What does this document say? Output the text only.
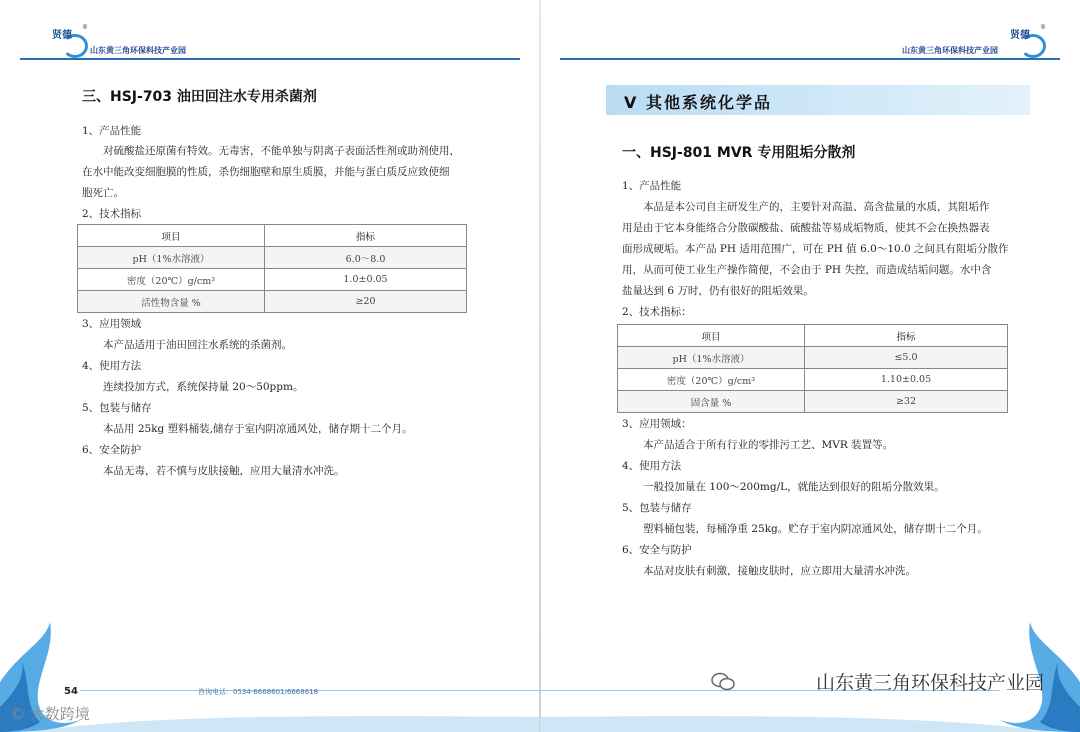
贤德
®
山东黄三角环保科技产业园
三、HSJ-703 油田回注水专用杀菌剂
1、产品性能
对硫酸盐还原菌有特效。无毒害，不能单独与阴离子表面活性剂或助剂使用，
在水中能改变细胞膜的性质，杀伤细胞壁和原生质膜，并能与蛋白质反应致使细
胞死亡。
2、技术指标
项目	指标
pH（1%水溶液）	6.0～8.0
密度（20℃）g/cm³	1.0±0.05
活性物含量 %	≥20
3、应用领域
本产品适用于油田回注水系统的杀菌剂。
4、使用方法
连续投加方式，系统保持量 20～50ppm。
5、包装与储存
本品用 25kg 塑料桶装,储存于室内阴凉通风处，储存期十二个月。
6、安全防护
本品无毒，若不慎与皮肤接触，应用大量清水冲洗。
54	咨询电话：0534-6668601/6668618
山东黄三角环保科技产业园
贤德
®
V 其他系统化学品
一、HSJ-801 MVR 专用阻垢分散剂
1、产品性能
本品是本公司自主研发生产的，主要针对高温、高含盐量的水质，其阻垢作
用是由于它本身能络合分散碳酸盐、硫酸盐等易成垢物质，使其不会在换热器表
面形成硬垢。本产品 PH 适用范围广，可在 PH 值 6.0～10.0 之间具有阻垢分散作
用，从而可使工业生产操作简便，不会由于 PH 失控，而造成结垢问题。水中含
盐量达到 6 万时，仍有很好的阻垢效果。
2、技术指标：
项目	指标
pH（1%水溶液）	≤5.0
密度（20℃）g/cm³	1.10±0.05
固含量 %	≥32
3、应用领域：
本产品适合于所有行业的零排污工艺、MVR 装置等。
4、使用方法
一般投加量在 100～200mg/L，就能达到很好的阻垢分散效果。
5、包装与储存
塑料桶包装，每桶净重 25kg。贮存于室内阴凉通风处，储存期十二个月。
6、安全与防护
本品对皮肤有刺激，接触皮肤时，应立即用大量清水冲洗。
© 大数跨境
山东黄三角环保科技产业园
